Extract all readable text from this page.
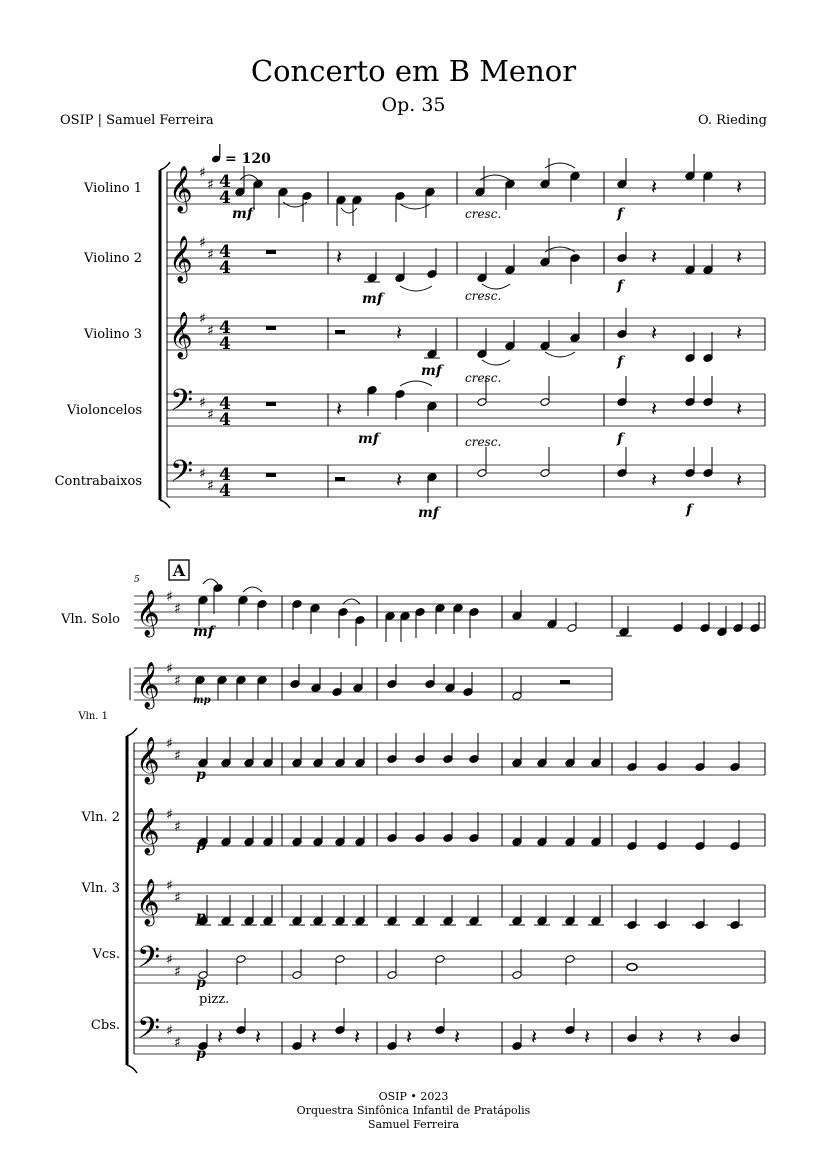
Concerto em B Menor
Op. 35
OSIP | Samuel Ferreira	O. Rieding
Violino 1
Violino 2
Violino 3
Violoncelos
Contrabaixos
Vln. Solo
Vln. 1
Vln. 2
Vln. 3
Vcs.
Cbs.
𝄞 ♯
♯ 4
4
𝄞 ♯
♯ 4
4
𝄞 ♯
♯ 4
4
𝄢 ♯
♯
4
4
𝄢 ♯
♯
4
4
𝄽	𝄽
𝄽	𝄽	𝄽
𝄽	𝄽	𝄽
𝄽	𝄽	𝄽
𝄽	𝄽	𝄽
𝄞 ♯
♯
𝄞 ♯
♯
𝄞 ♯
♯
𝄞 ♯
♯
𝄞 ♯
♯
𝄢 ♯
♯
𝄢 ♯
♯ 𝄽 𝄽 𝄽 𝄽 𝄽 𝄽	𝄽 𝄽	𝄽 𝄽
= 120
A
5
mf	cresc.	f
mf	cresc.
f
mf cresc.
f
mf	cresc.	f
mf	f
mf
mp
p
p
p
p
p
pizz.
OSIP • 2023
Orquestra Sinfônica Infantil de Pratápolis
Samuel Ferreira
